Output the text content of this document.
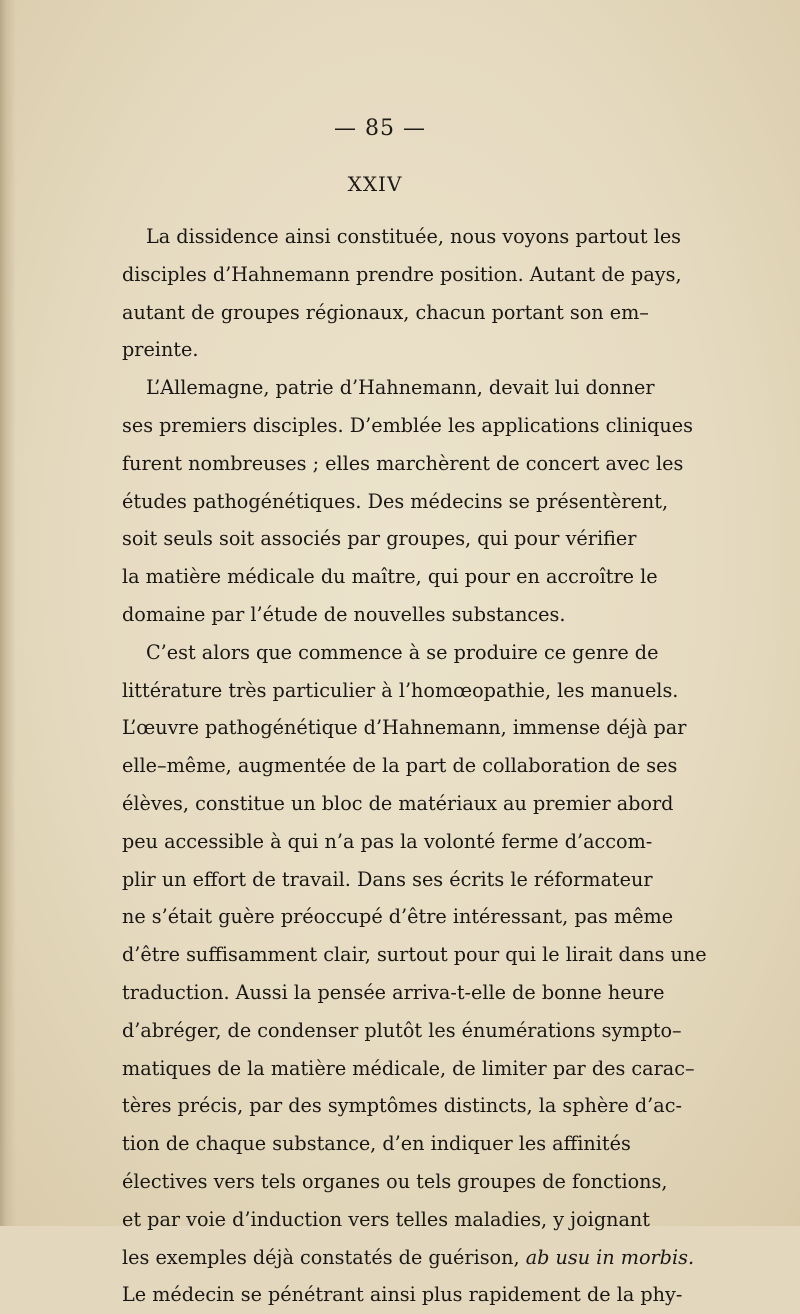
— 85 —
XXIV
La dissidence ainsi constituée, nous voyons partout les
disciples d’Hahnemann prendre position. Autant de pays,
autant de groupes régionaux, chacun portant son em–
preinte.
L’Allemagne, patrie d’Hahnemann, devait lui donner
ses premiers disciples. D’emblée les applications cliniques
furent nombreuses ; elles marchèrent de concert avec les
études pathogénétiques. Des médecins se présentèrent,
soit seuls soit associés par groupes, qui pour vérifier
la matière médicale du maître, qui pour en accroître le
domaine par l’étude de nouvelles substances.
C’est alors que commence à se produire ce genre de
littérature très particulier à l’homœopathie, les manuels.
L’œuvre pathogénétique d’Hahnemann, immense déjà par
elle–même, augmentée de la part de collaboration de ses
élèves, constitue un bloc de matériaux au premier abord
peu accessible à qui n’a pas la volonté ferme d’accom-
plir un effort de travail. Dans ses écrits le réformateur
ne s’était guère préoccupé d’être intéressant, pas même
d’être suffisamment clair, surtout pour qui le lirait dans une
traduction. Aussi la pensée arriva-t-elle de bonne heure
d’abréger, de condenser plutôt les énumérations sympto–
matiques de la matière médicale, de limiter par des carac–
tères précis, par des symptômes distincts, la sphère d’ac-
tion de chaque substance, d’en indiquer les affinités
électives vers tels organes ou tels groupes de fonctions,
et par voie d’induction vers telles maladies, y joignant
les exemples déjà constatés de guérison, ab usu in morbis.
Le médecin se pénétrant ainsi plus rapidement de la phy-
